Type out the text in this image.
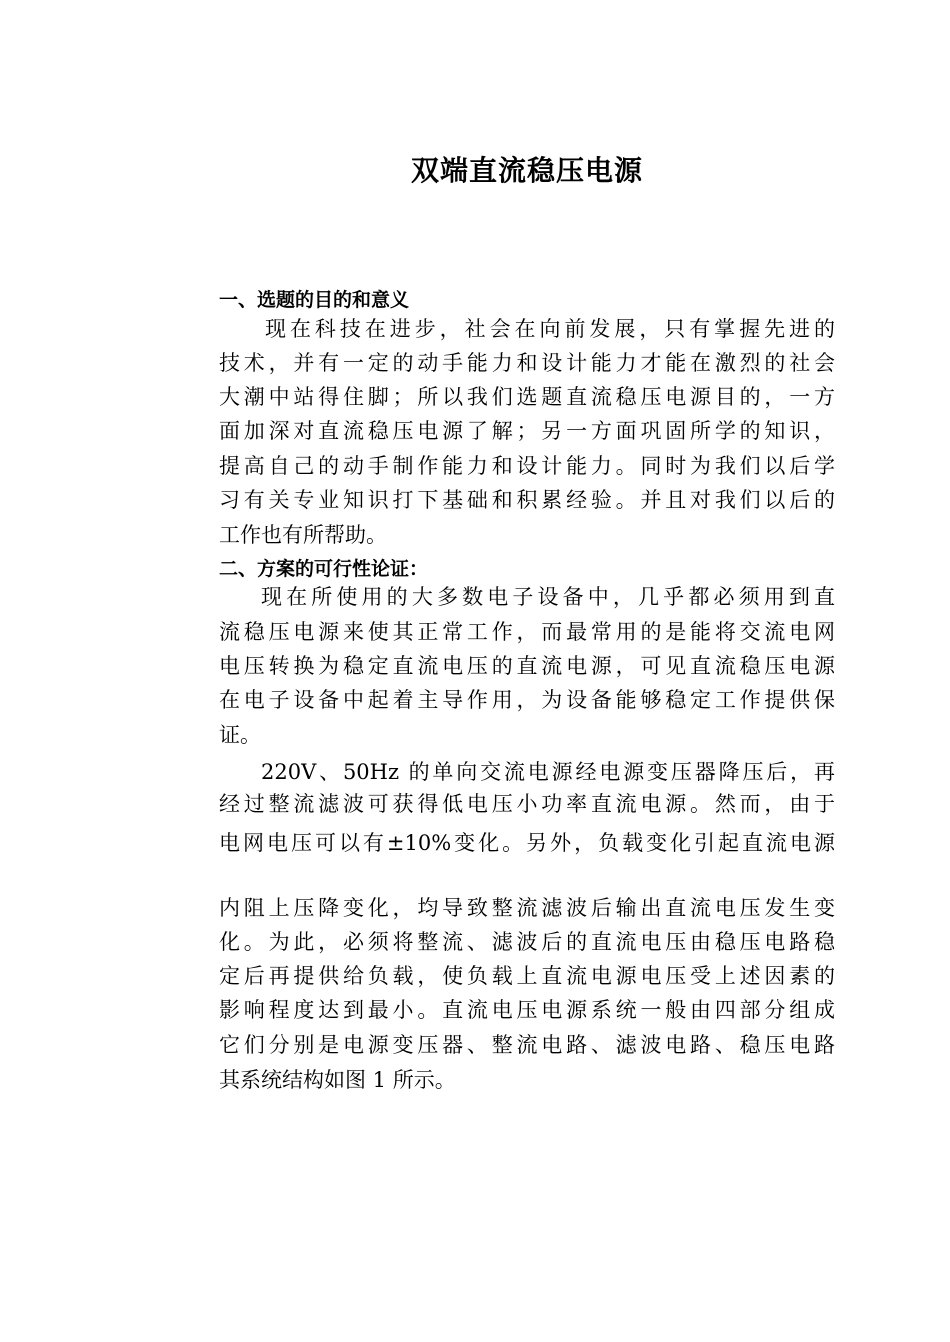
双端直流稳压电源
一、选题的目的和意义
现在科技在进步，社会在向前发展，只有掌握先进的
技术，并有一定的动手能力和设计能力才能在激烈的社会
大潮中站得住脚；所以我们选题直流稳压电源目的，一方
面加深对直流稳压电源了解；另一方面巩固所学的知识，
提高自己的动手制作能力和设计能力。同时为我们以后学
习有关专业知识打下基础和积累经验。并且对我们以后的
工作也有所帮助。
二、方案的可行性论证：
现在所使用的大多数电子设备中，几乎都必须用到直
流稳压电源来使其正常工作，而最常用的是能将交流电网
电压转换为稳定直流电压的直流电源，可见直流稳压电源
在电子设备中起着主导作用，为设备能够稳定工作提供保
证。
220V、50Hz 的单向交流电源经电源变压器降压后，再
经过整流滤波可获得低电压小功率直流电源。然而，由于
电网电压可以有±10%变化。另外，负载变化引起直流电源
内阻上压降变化，均导致整流滤波后输出直流电压发生变
化。为此，必须将整流、滤波后的直流电压由稳压电路稳
定后再提供给负载，使负载上直流电源电压受上述因素的
影响程度达到最小。直流电压电源系统一般由四部分组成
它们分别是电源变压器、整流电路、滤波电路、稳压电路
其系统结构如图 1 所示。
